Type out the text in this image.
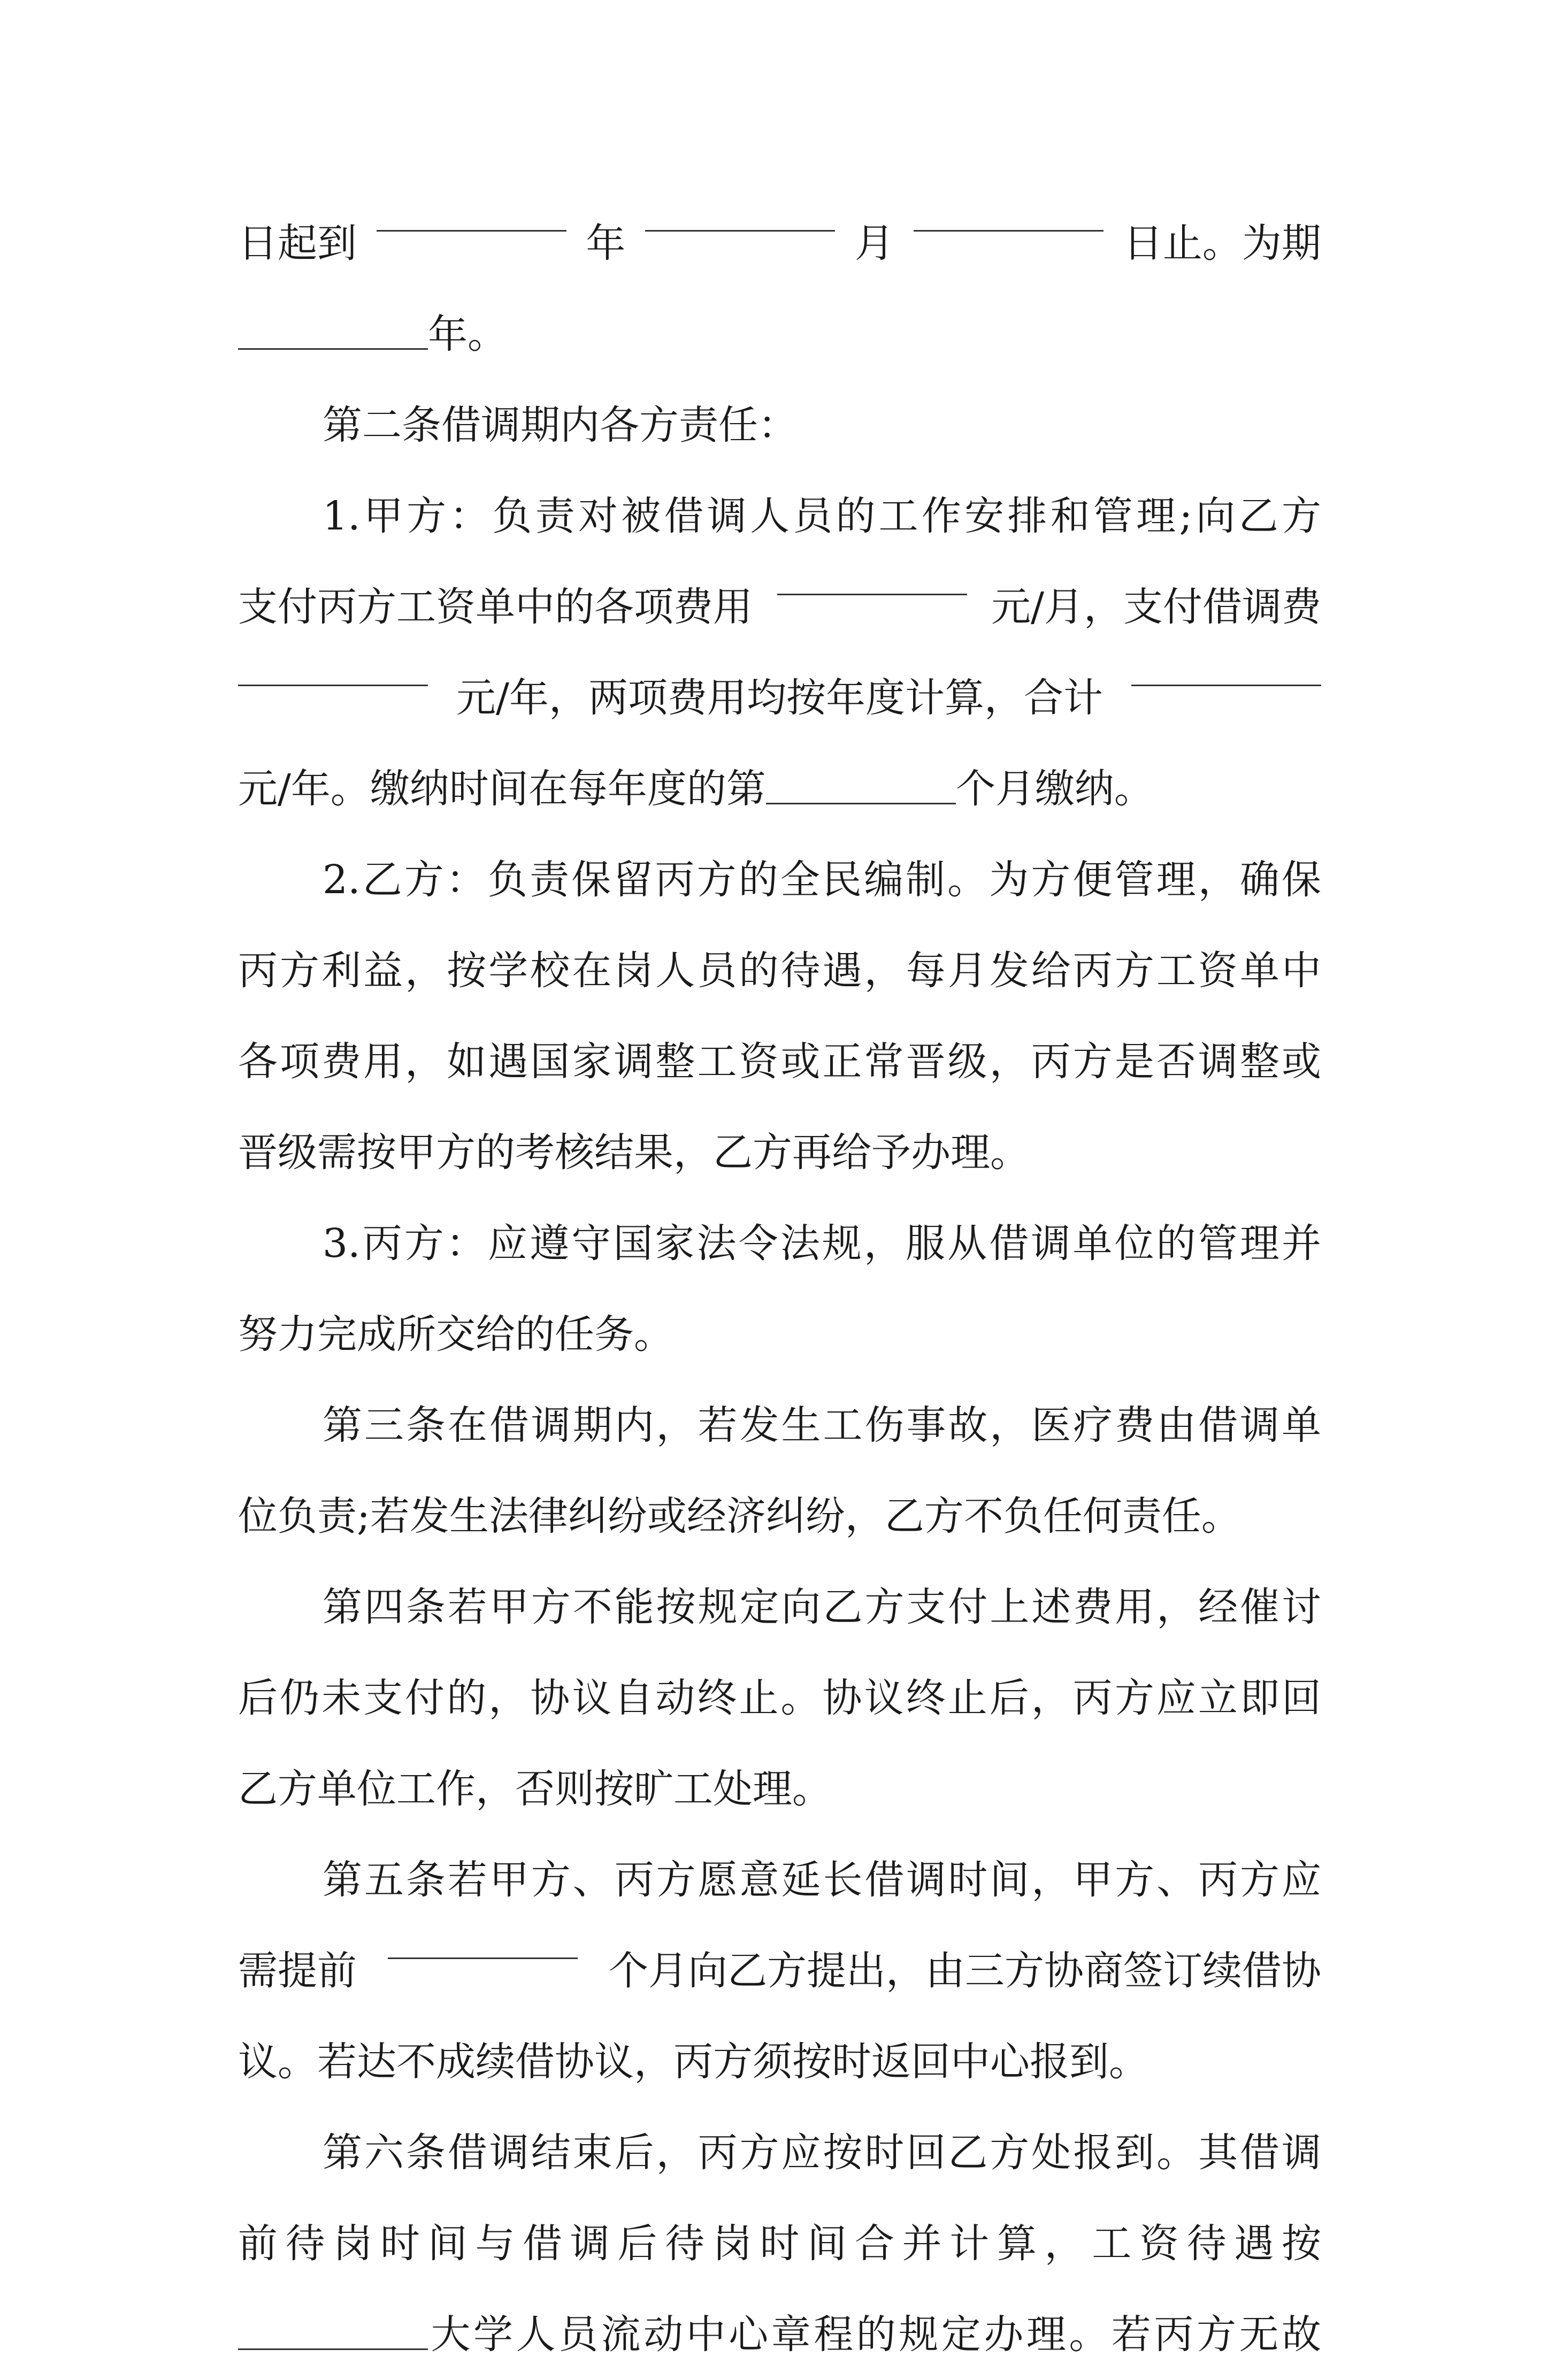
日起到	年	月	日止。为期
年。
第二条借调期内各方责任：
1.甲方：负责对被借调人员的工作安排和管理;向乙方
支付丙方工资单中的各项费用	元/月，支付借调费
元/年，两项费用均按年度计算，合计
元/年。缴纳时间在每年度的第	个月缴纳。
2.乙方：负责保留丙方的全民编制。为方便管理，确保
丙方利益，按学校在岗人员的待遇，每月发给丙方工资单中
各项费用，如遇国家调整工资或正常晋级，丙方是否调整或
晋级需按甲方的考核结果，乙方再给予办理。
3.丙方：应遵守国家法令法规，服从借调单位的管理并
努力完成所交给的任务。
第三条在借调期内，若发生工伤事故，医疗费由借调单
位负责;若发生法律纠纷或经济纠纷，乙方不负任何责任。
第四条若甲方不能按规定向乙方支付上述费用，经催讨
后仍未支付的，协议自动终止。协议终止后，丙方应立即回
乙方单位工作，否则按旷工处理。
第五条若甲方、丙方愿意延长借调时间，甲方、丙方应
需提前	个月向乙方提出，由三方协商签订续借协
议。若达不成续借协议，丙方须按时返回中心报到。
第六条借调结束后，丙方应按时回乙方处报到。其借调
前待岗时间与借调后待岗时间合并计算，工资待遇按
大学人员流动中心章程的规定办理。若丙方无故
